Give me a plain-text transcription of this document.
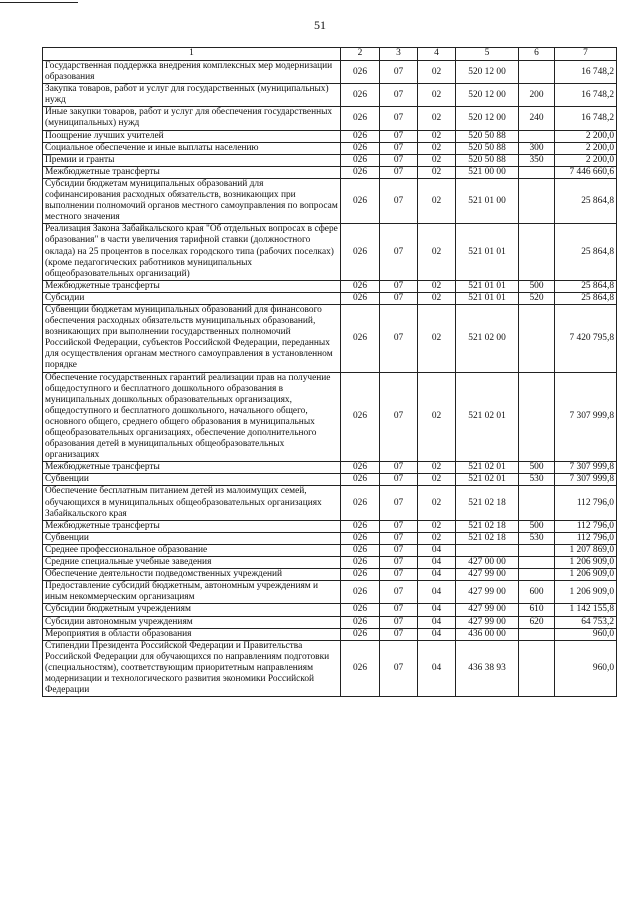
51
1	2	3	4	5	6	7
Государственная поддержка внедрения комплексных мер модернизации образования	026	07	02	520 12 00		16 748,2
Закупка товаров, работ и услуг для государственных (муниципальных) нужд	026	07	02	520 12 00	200	16 748,2
Иные закупки товаров, работ и услуг для обеспечения государственных (муниципальных) нужд	026	07	02	520 12 00	240	16 748,2
Поощрение лучших учителей	026	07	02	520 50 88		2 200,0
Социальное обеспечение и иные выплаты населению	026	07	02	520 50 88	300	2 200,0
Премии и гранты	026	07	02	520 50 88	350	2 200,0
Межбюджетные трансферты	026	07	02	521 00 00		7 446 660,6
Субсидии бюджетам муниципальных образований для софинансирования расходных обязательств, возникающих при выполнении полномочий органов местного самоуправления по вопросам местного значения	026	07	02	521 01 00		25 864,8
Реализация Закона Забайкальского края "Об отдельных вопросах в сфере образования" в части увеличения тарифной ставки (должностного оклада) на 25 процентов в поселках городского типа (рабочих поселках) (кроме педагогических работников муниципальных общеобразовательных организаций)	026	07	02	521 01 01		25 864,8
Межбюджетные трансферты	026	07	02	521 01 01	500	25 864,8
Субсидии	026	07	02	521 01 01	520	25 864,8
Субвенции бюджетам муниципальных образований для финансового обеспечения расходных обязательств муниципальных образований, возникающих при выполнении государственных полномочий Российской Федерации, субъектов Российской Федерации, переданных для осуществления органам местного самоуправления в установленном порядке	026	07	02	521 02 00		7 420 795,8
Обеспечение государственных гарантий реализации прав на получение общедоступного и бесплатного дошкольного образования в муниципальных дошкольных образовательных организациях, общедоступного и бесплатного дошкольного, начального общего, основного общего, среднего общего образования в муниципальных общеобразовательных организациях, обеспечение дополнительного образования детей в муниципальных общеобразовательных организациях	026	07	02	521 02 01		7 307 999,8
Межбюджетные трансферты	026	07	02	521 02 01	500	7 307 999,8
Субвенции	026	07	02	521 02 01	530	7 307 999,8
Обеспечение бесплатным питанием детей из малоимущих семей, обучающихся в муниципальных общеобразовательных организациях Забайкальского края	026	07	02	521 02 18		112 796,0
Межбюджетные трансферты	026	07	02	521 02 18	500	112 796,0
Субвенции	026	07	02	521 02 18	530	112 796,0
Среднее профессиональное образование	026	07	04			1 207 869,0
Средние специальные учебные заведения	026	07	04	427 00 00		1 206 909,0
Обеспечение деятельности подведомственных учреждений	026	07	04	427 99 00		1 206 909,0
Предоставление субсидий бюджетным, автономным учреждениям и иным некоммерческим организациям	026	07	04	427 99 00	600	1 206 909,0
Субсидии бюджетным учреждениям	026	07	04	427 99 00	610	1 142 155,8
Субсидии автономным учреждениям	026	07	04	427 99 00	620	64 753,2
Мероприятия в области образования	026	07	04	436 00 00		960,0
Стипендии Президента Российской Федерации и Правительства Российской Федерации для обучающихся по направлениям подготовки (специальностям), соответствующим приоритетным направлениям модернизации и технологического развития экономики Российской Федерации	026	07	04	436 38 93		960,0
